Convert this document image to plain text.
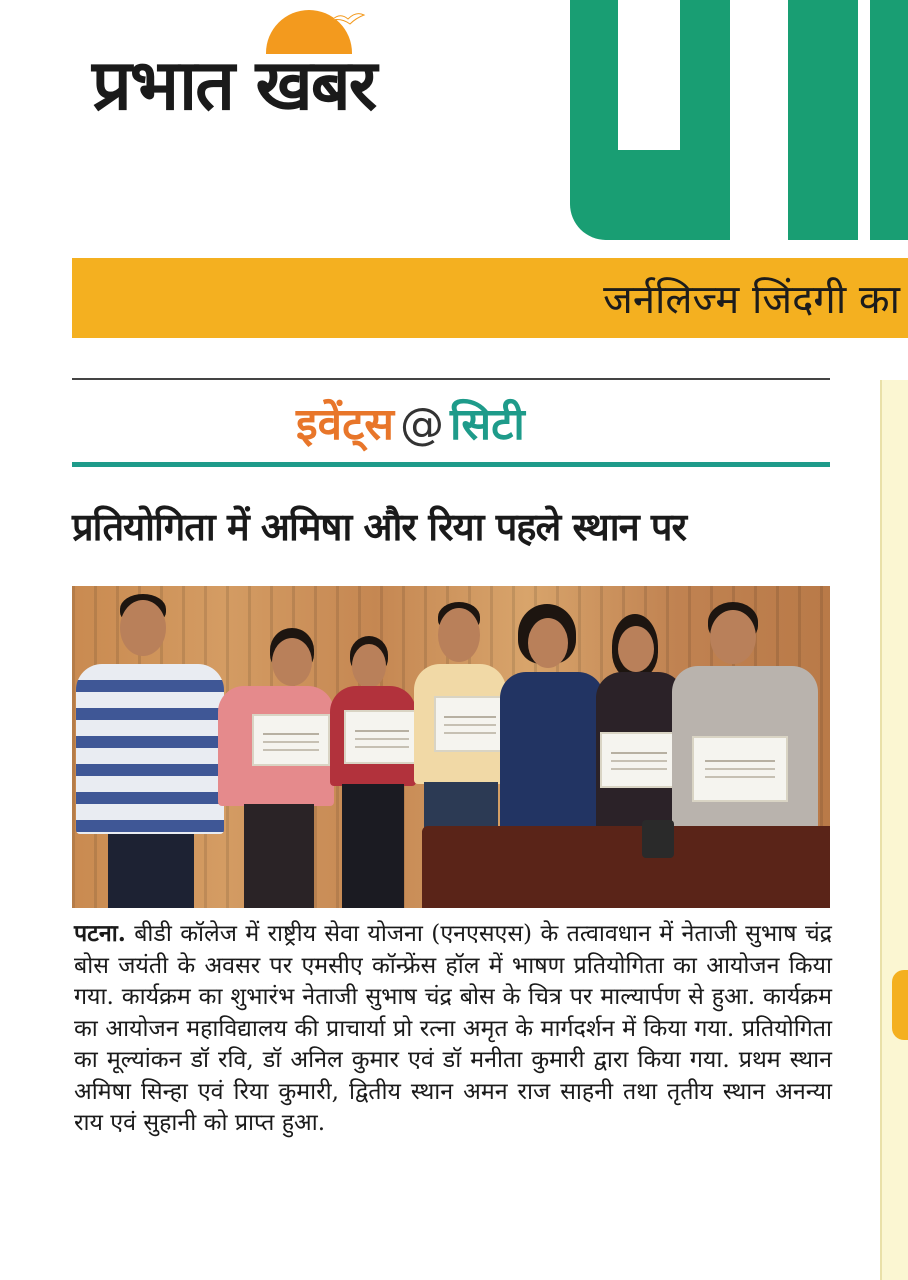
प्रभात खबर
जर्नलिज्म जिंदगी का
इवेंट्स @ सिटी
प्रतियोगिता में अमिषा और रिया पहले स्थान पर
पटना. बीडी कॉलेज में राष्ट्रीय सेवा योजना (एनएसएस) के तत्वावधान में नेताजी सुभाष चंद्र बोस जयंती के अवसर पर एमसीए कॉन्फ्रेंस हॉल में भाषण प्रतियोगिता का आयोजन किया गया. कार्यक्रम का शुभारंभ नेताजी सुभाष चंद्र बोस के चित्र पर माल्यार्पण से हुआ. कार्यक्रम का आयोजन महाविद्यालय की प्राचार्या प्रो रत्ना अमृत के मार्गदर्शन में किया गया. प्रतियोगिता का मूल्यांकन डॉ रवि, डॉ अनिल कुमार एवं डॉ मनीता कुमारी द्वारा किया गया. प्रथम स्थान अमिषा सिन्हा एवं रिया कुमारी, द्वितीय स्थान अमन राज साहनी तथा तृतीय स्थान अनन्या राय एवं सुहानी को प्राप्त हुआ.
